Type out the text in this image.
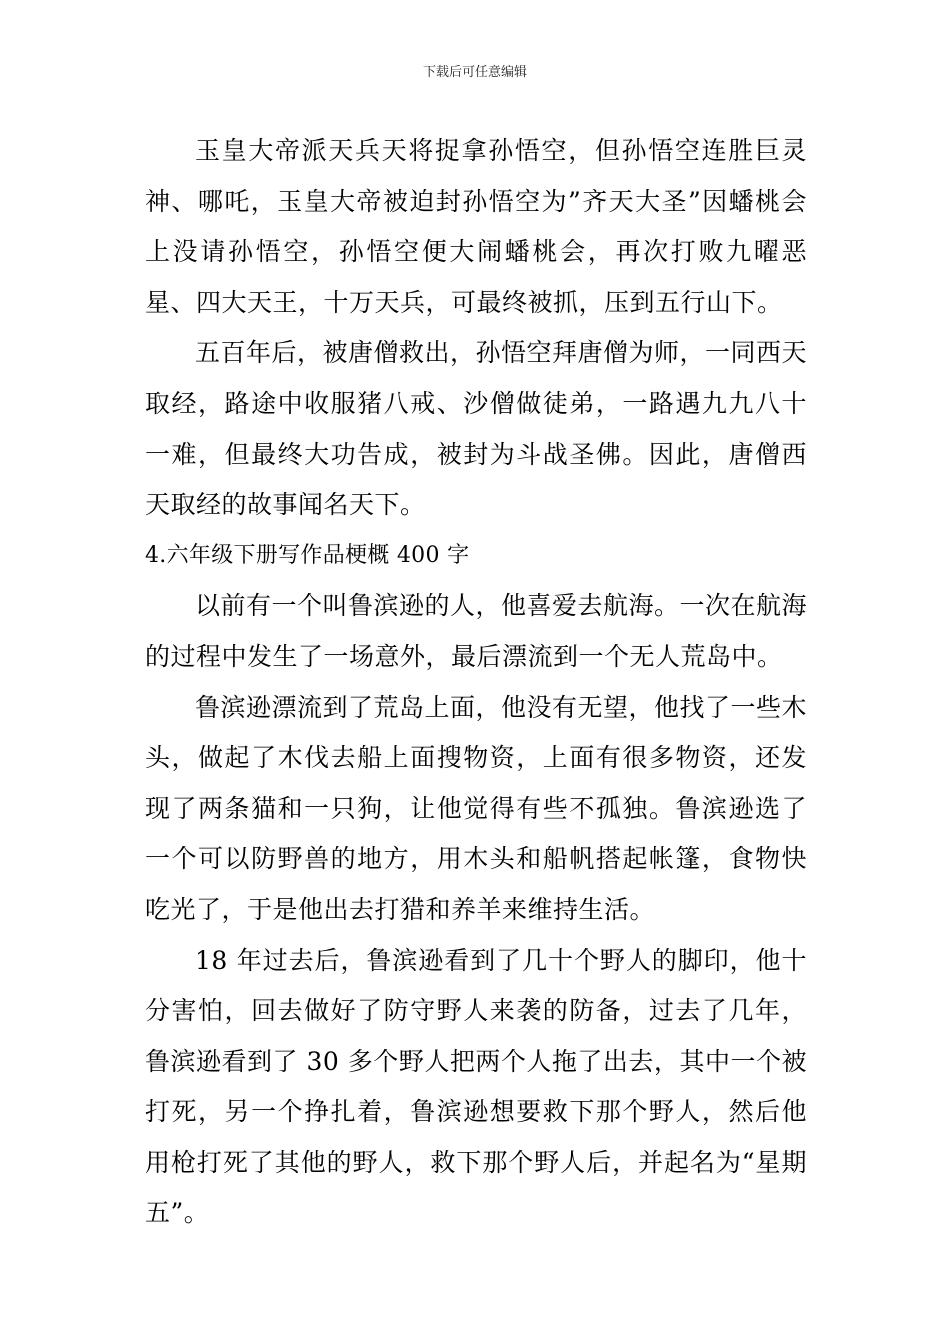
下载后可任意编辑

玉皇大帝派天兵天将捉拿孙悟空，但孙悟空连胜巨灵神、哪吒，玉皇大帝被迫封孙悟空为”齐天大圣”因蟠桃会上没请孙悟空，孙悟空便大闹蟠桃会，再次打败九曜恶星、四大天王，十万天兵，可最终被抓，压到五行山下。

五百年后，被唐僧救出，孙悟空拜唐僧为师，一同西天取经，路途中收服猪八戒、沙僧做徒弟，一路遇九九八十一难，但最终大功告成，被封为斗战圣佛。因此，唐僧西天取经的故事闻名天下。

4.六年级下册写作品梗概 400 字

以前有一个叫鲁滨逊的人，他喜爱去航海。一次在航海的过程中发生了一场意外，最后漂流到一个无人荒岛中。

鲁滨逊漂流到了荒岛上面，他没有无望，他找了一些木头，做起了木伐去船上面搜物资，上面有很多物资，还发现了两条猫和一只狗，让他觉得有些不孤独。鲁滨逊选了一个可以防野兽的地方，用木头和船帆搭起帐篷，食物快吃光了，于是他出去打猎和养羊来维持生活。

18 年过去后，鲁滨逊看到了几十个野人的脚印，他十分害怕，回去做好了防守野人来袭的防备，过去了几年，鲁滨逊看到了 30 多个野人把两个人拖了出去，其中一个被打死，另一个挣扎着，鲁滨逊想要救下那个野人，然后他用枪打死了其他的野人，救下那个野人后，并起名为“星期五”。
